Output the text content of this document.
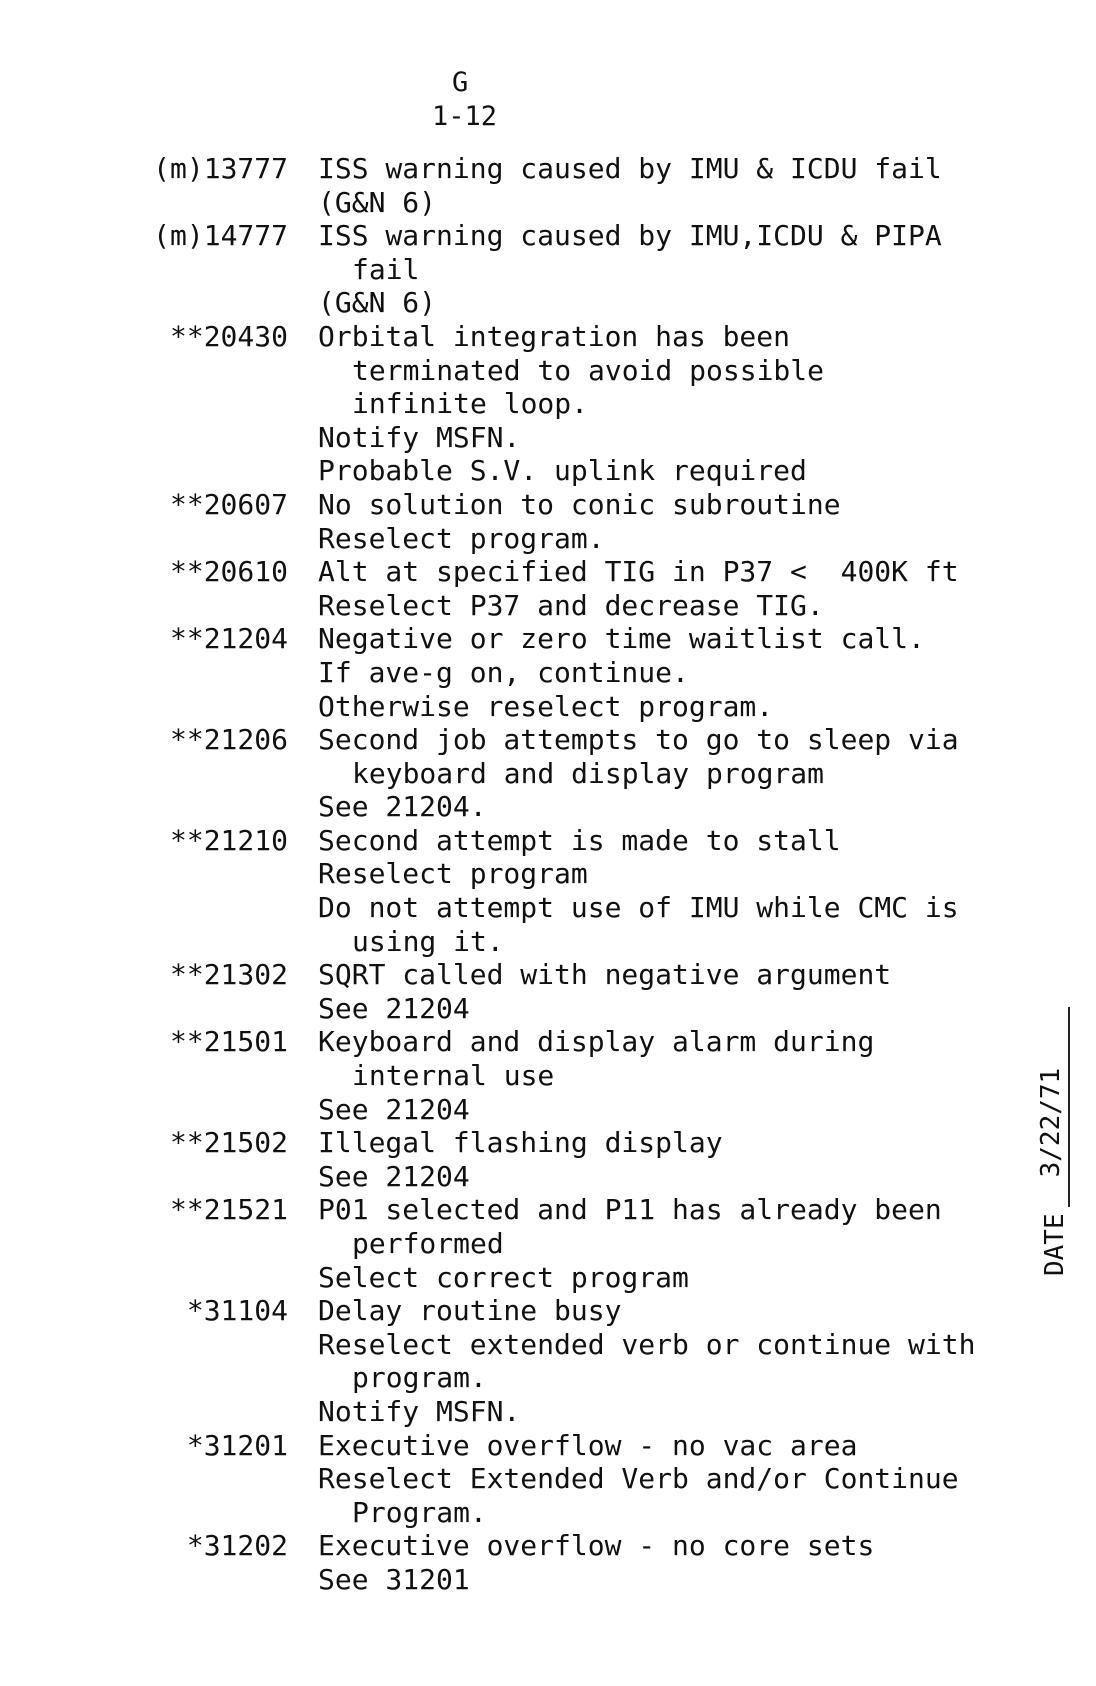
G
1-12
(m)13777 ISS warning caused by IMU & ICDU fail
(G&N 6)
(m)14777 ISS warning caused by IMU,ICDU & PIPA
fail
(G&N 6)
**20430 Orbital integration has been
terminated to avoid possible
infinite loop.
Notify MSFN.
Probable S.V. uplink required
**20607 No solution to conic subroutine
Reselect program.
**20610 Alt at specified TIG in P37 <  400K ft
Reselect P37 and decrease TIG.
**21204 Negative or zero time waitlist call.
If ave-g on, continue.
Otherwise reselect program.
**21206 Second job attempts to go to sleep via
keyboard and display program
See 21204.
**21210 Second attempt is made to stall
Reselect program
Do not attempt use of IMU while CMC is
using it.
**21302 SQRT called with negative argument
See 21204
**21501 Keyboard and display alarm during
internal use
See 21204
**21502 Illegal flashing display
See 21204
**21521 P01 selected and P11 has already been
performed
Select correct program
*31104 Delay routine busy
Reselect extended verb or continue with
program.
Notify MSFN.
*31201 Executive overflow - no vac area
Reselect Extended Verb and/or Continue
Program.
*31202 Executive overflow - no core sets
See 31201
DATE
3/22/71
